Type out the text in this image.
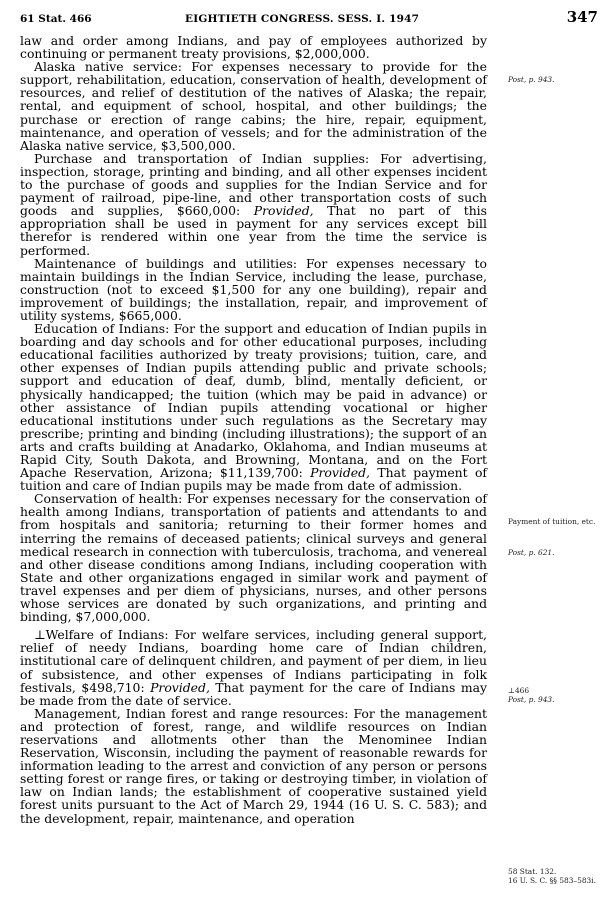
61 Stat. 466	EIGHTIETH CONGRESS. SESS. I. 1947	347

law and order among Indians, and pay of employees authorized by continuing or permanent treaty provisions, $2,000,000.

Alaska native service: For expenses necessary to provide for the support, rehabilitation, education, conservation of health, development of resources, and relief of destitution of the natives of Alaska; the repair, rental, and equipment of school, hospital, and other buildings; the purchase or erection of range cabins; the hire, repair, equipment, maintenance, and operation of vessels; and for the administration of the Alaska native service, $3,500,000.

Purchase and transportation of Indian supplies: For advertising, inspection, storage, printing and binding, and all other expenses incident to the purchase of goods and supplies for the Indian Service and for payment of railroad, pipe-line, and other transportation costs of such goods and supplies, $660,000: Provided, That no part of this appropriation shall be used in payment for any services except bill therefor is rendered within one year from the time the service is performed.

Maintenance of buildings and utilities: For expenses necessary to maintain buildings in the Indian Service, including the lease, purchase, construction (not to exceed $1,500 for any one building), repair and improvement of buildings; the installation, repair, and improvement of utility systems, $665,000.

Education of Indians: For the support and education of Indian pupils in boarding and day schools and for other educational purposes, including educational facilities authorized by treaty provisions; tuition, care, and other expenses of Indian pupils attending public and private schools; support and education of deaf, dumb, blind, mentally deficient, or physically handicapped; the tuition (which may be paid in advance) or other assistance of Indian pupils attending vocational or higher educational institutions under such regulations as the Secretary may prescribe; printing and binding (including illustrations); the support of an arts and crafts building at Anadarko, Oklahoma, and Indian museums at Rapid City, South Dakota, and Browning, Montana, and on the Fort Apache Reservation, Arizona; $11,139,700: Provided, That payment of tuition and care of Indian pupils may be made from date of admission.

Conservation of health: For expenses necessary for the conservation of health among Indians, transportation of patients and attendants to and from hospitals and sanitoria; returning to their former homes and interring the remains of deceased patients; clinical surveys and general medical research in connection with tuberculosis, trachoma, and venereal and other disease conditions among Indians, including cooperation with State and other organizations engaged in similar work and payment of travel expenses and per diem of physicians, nurses, and other persons whose services are donated by such organizations, and printing and binding, $7,000,000.

⊥Welfare of Indians: For welfare services, including general support, relief of needy Indians, boarding home care of Indian children, institutional care of delinquent children, and payment of per diem, in lieu of subsistence, and other expenses of Indians participating in folk festivals, $498,710: Provided, That payment for the care of Indians may be made from the date of service.

Management, Indian forest and range resources: For the management and protection of forest, range, and wildlife resources on Indian reservations and allotments other than the Menominee Indian Reservation, Wisconsin, including the payment of reasonable rewards for information leading to the arrest and conviction of any person or persons setting forest or range fires, or taking or destroying timber, in violation of law on Indian lands; the establishment of cooperative sustained yield forest units pursuant to the Act of March 29, 1944 (16 U. S. C. 583); and the development, repair, maintenance, and operation

Post, p. 943.
Payment of tuition, etc.
Post, p. 621.
⊥466
Post, p. 943.
58 Stat. 132.
16 U. S. C. §§ 583–583i.
